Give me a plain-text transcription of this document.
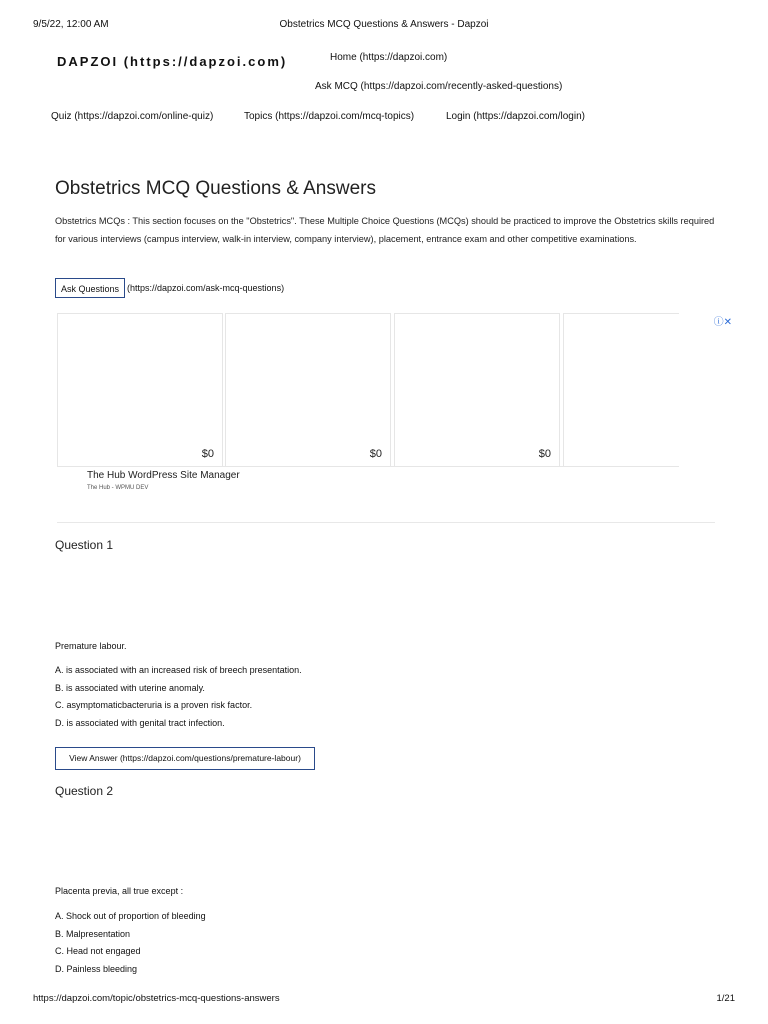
9/5/22, 12:00 AM	Obstetrics MCQ Questions & Answers - Dapzoi
DAPZOI (https://dapzoi.com)	Home (https://dapzoi.com)
Ask MCQ (https://dapzoi.com/recently-asked-questions)
Quiz (https://dapzoi.com/online-quiz)	Topics (https://dapzoi.com/mcq-topics)	Login (https://dapzoi.com/login)
Obstetrics MCQ Questions & Answers
Obstetrics MCQs : This section focuses on the "Obstetrics". These Multiple Choice Questions (MCQs) should be practiced to improve the Obstetrics skills required for various interviews (campus interview, walk-in interview, company interview), placement, entrance exam and other competitive examinations.
Ask Questions (https://dapzoi.com/ask-mcq-questions)
$0	$0	$0
ⓘ✕
The Hub WordPress Site Manager
The Hub - WPMU DEV
Question 1
Premature labour.
A. is associated with an increased risk of breech presentation.
B. is associated with uterine anomaly.
C. asymptomaticbacteruria is a proven risk factor.
D. is associated with genital tract infection.
View Answer (https://dapzoi.com/questions/premature-labour)
Question 2
Placenta previa, all true except :
A. Shock out of proportion of bleeding
B. Malpresentation
C. Head not engaged
D. Painless bleeding
https://dapzoi.com/topic/obstetrics-mcq-questions-answers	1/21
